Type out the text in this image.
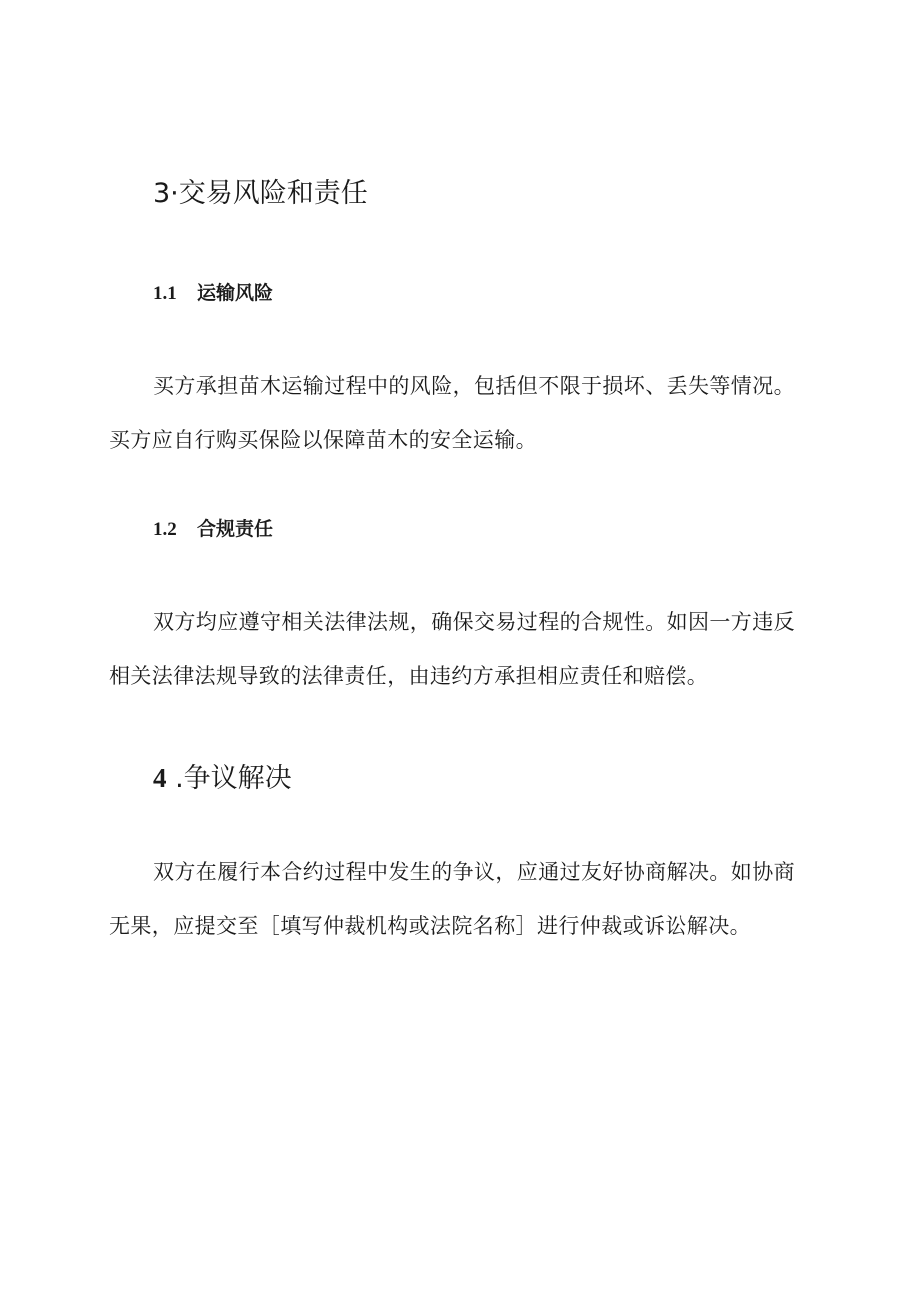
3·交易风险和责任
1.1 运输风险
买方承担苗木运输过程中的风险，包括但不限于损坏、丢失等情况。
买方应自行购买保险以保障苗木的安全运输。
1.2 合规责任
双方均应遵守相关法律法规，确保交易过程的合规性。如因一方违反
相关法律法规导致的法律责任，由违约方承担相应责任和赔偿。
4 .争议解决
双方在履行本合约过程中发生的争议，应通过友好协商解决。如协商
无果，应提交至［填写仲裁机构或法院名称］进行仲裁或诉讼解决。
